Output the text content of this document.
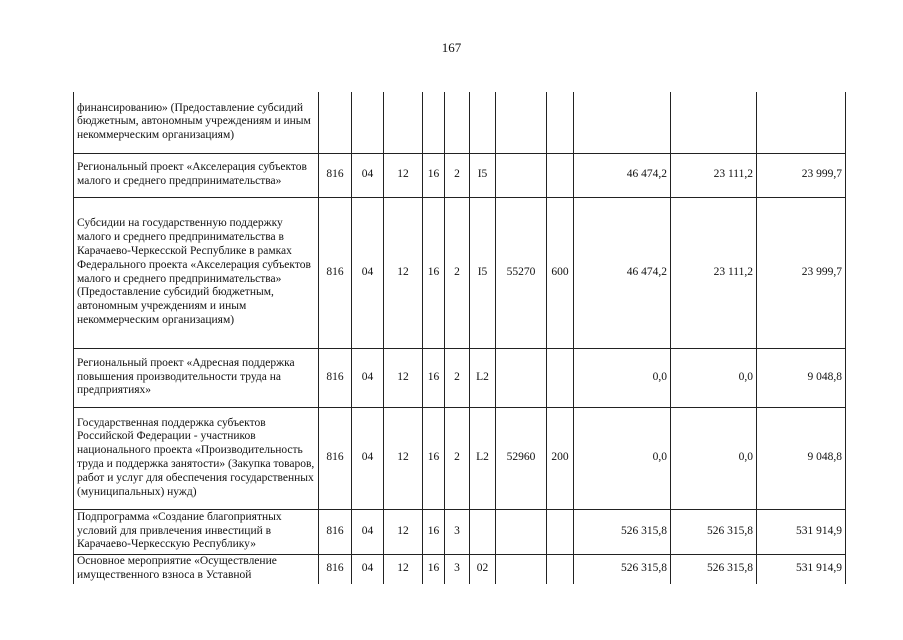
167
финансированию» (Предоставление субсидий бюджетным, автономным учреждениям и иным некоммерческим организациям)											
Региональный проект «Акселерация субъектов малого и среднего предпринимательства»	816	04	12	16	2	I5			46 474,2	23 111,2	23 999,7
Субсидии на государственную поддержку малого и среднего предпринимательства в Карачаево-Черкесской Республике в рамках Федерального проекта «Акселерация субъектов малого и среднего предпринимательства» (Предоставление субсидий бюджетным, автономным учреждениям и иным некоммерческим организациям)	816	04	12	16	2	I5	55270	600	46 474,2	23 111,2	23 999,7
Региональный проект «Адресная поддержка повышения производительности труда на предприятиях»	816	04	12	16	2	L2			0,0	0,0	9 048,8
Государственная поддержка субъектов Российской Федерации - участников национального проекта «Производительность труда и поддержка занятости» (Закупка товаров, работ и услуг для обеспечения государственных (муниципальных) нужд)	816	04	12	16	2	L2	52960	200	0,0	0,0	9 048,8
Подпрограмма «Создание благоприятных условий для привлечения инвестиций в Карачаево-Черкесскую Республику»	816	04	12	16	3				526 315,8	526 315,8	531 914,9
Основное мероприятие «Осуществление имущественного взноса в Уставной	816	04	12	16	3	02			526 315,8	526 315,8	531 914,9
